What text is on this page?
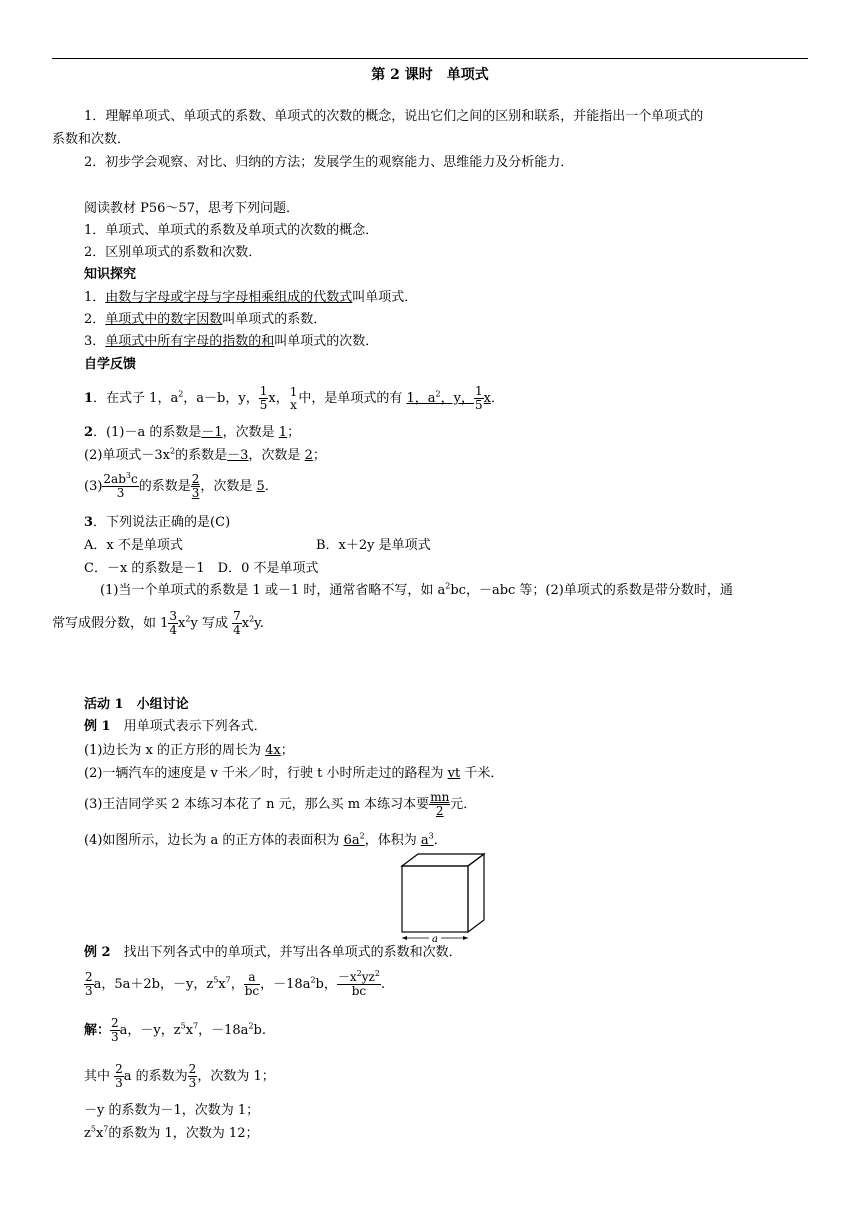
第 2 课时　单项式
1．理解单项式、单项式的系数、单项式的次数的概念，说出它们之间的区别和联系，并能指出一个单项式的
系数和次数．
2．初步学会观察、对比、归纳的方法；发展学生的观察能力、思维能力及分析能力．
阅读教材 P56～57，思考下列问题．
1．单项式、单项式的系数及单项式的次数的概念．
2．区别单项式的系数和次数．
知识探究
1．由数与字母或字母与字母相乘组成的代数式叫单项式．
2．单项式中的数字因数叫单项式的系数．
3．单项式中所有字母的指数的和叫单项式的次数．
自学反馈
1．在式子 1，$a^2$，a－b，y， $\frac{1}{5}$ x， 1
x 中，是单项式的有 1，$a^2$，y， $\frac{1}{5}$ x．
2．(1)－a 的系数是－1，次数是 1；
(2)单项式$-3x^2$的系数是－3，次数是 2；
$(3) \frac{2ab^3c}{3}$ 的系数是 $\frac{2}{3}$ ，次数是 5．
3．下列说法正确的是(C)
A．x 不是单项式	B．x＋2y 是单项式
C．－x 的系数是－1　D．0 不是单项式
(1)当一个单项式的系数是 1 或－1 时，通常省略不写，如 $a^2bc$，－abc 等；(2)单项式的系数是带分数时，通
常写成假分数，如 $1 \frac{3}{4} x^2y$ 写成 $\frac{7}{4} x^2y$.
活动 1　小组讨论
例 1　用单项式表示下列各式．
(1)边长为 x 的正方形的周长为 4x；
(2)一辆汽车的速度是 v 千米／时，行驶 t 小时所走过的路程为 vt 千米．
(3)王洁同学买 2 本练习本花了 n 元，那么买 m 本练习本要 $\frac{mn}{2}$ 元．
(4)如图所示，边长为 a 的正方体的表面积为 $6a^2$，体积为 $a^3$．
a
例 2　找出下列各式中的单项式，并写出各单项式的系数和次数．
$\frac{2}{3}$ a，5a＋2b，－y，$z^5x^7$， $\frac{a}{bc}$ ，$-18a^2b$， $\frac{-x^2yz^2}{bc}$ .
解： $\frac{2}{3}$ a，－y，$z^5x^7$，$-18a^2b$.
其中 $\frac{2}{3}$ a 的系数为 $\frac{2}{3}$ ，次数为 1；
－y 的系数为－1，次数为 1；
$z^5x^7$的系数为 1，次数为 12；
